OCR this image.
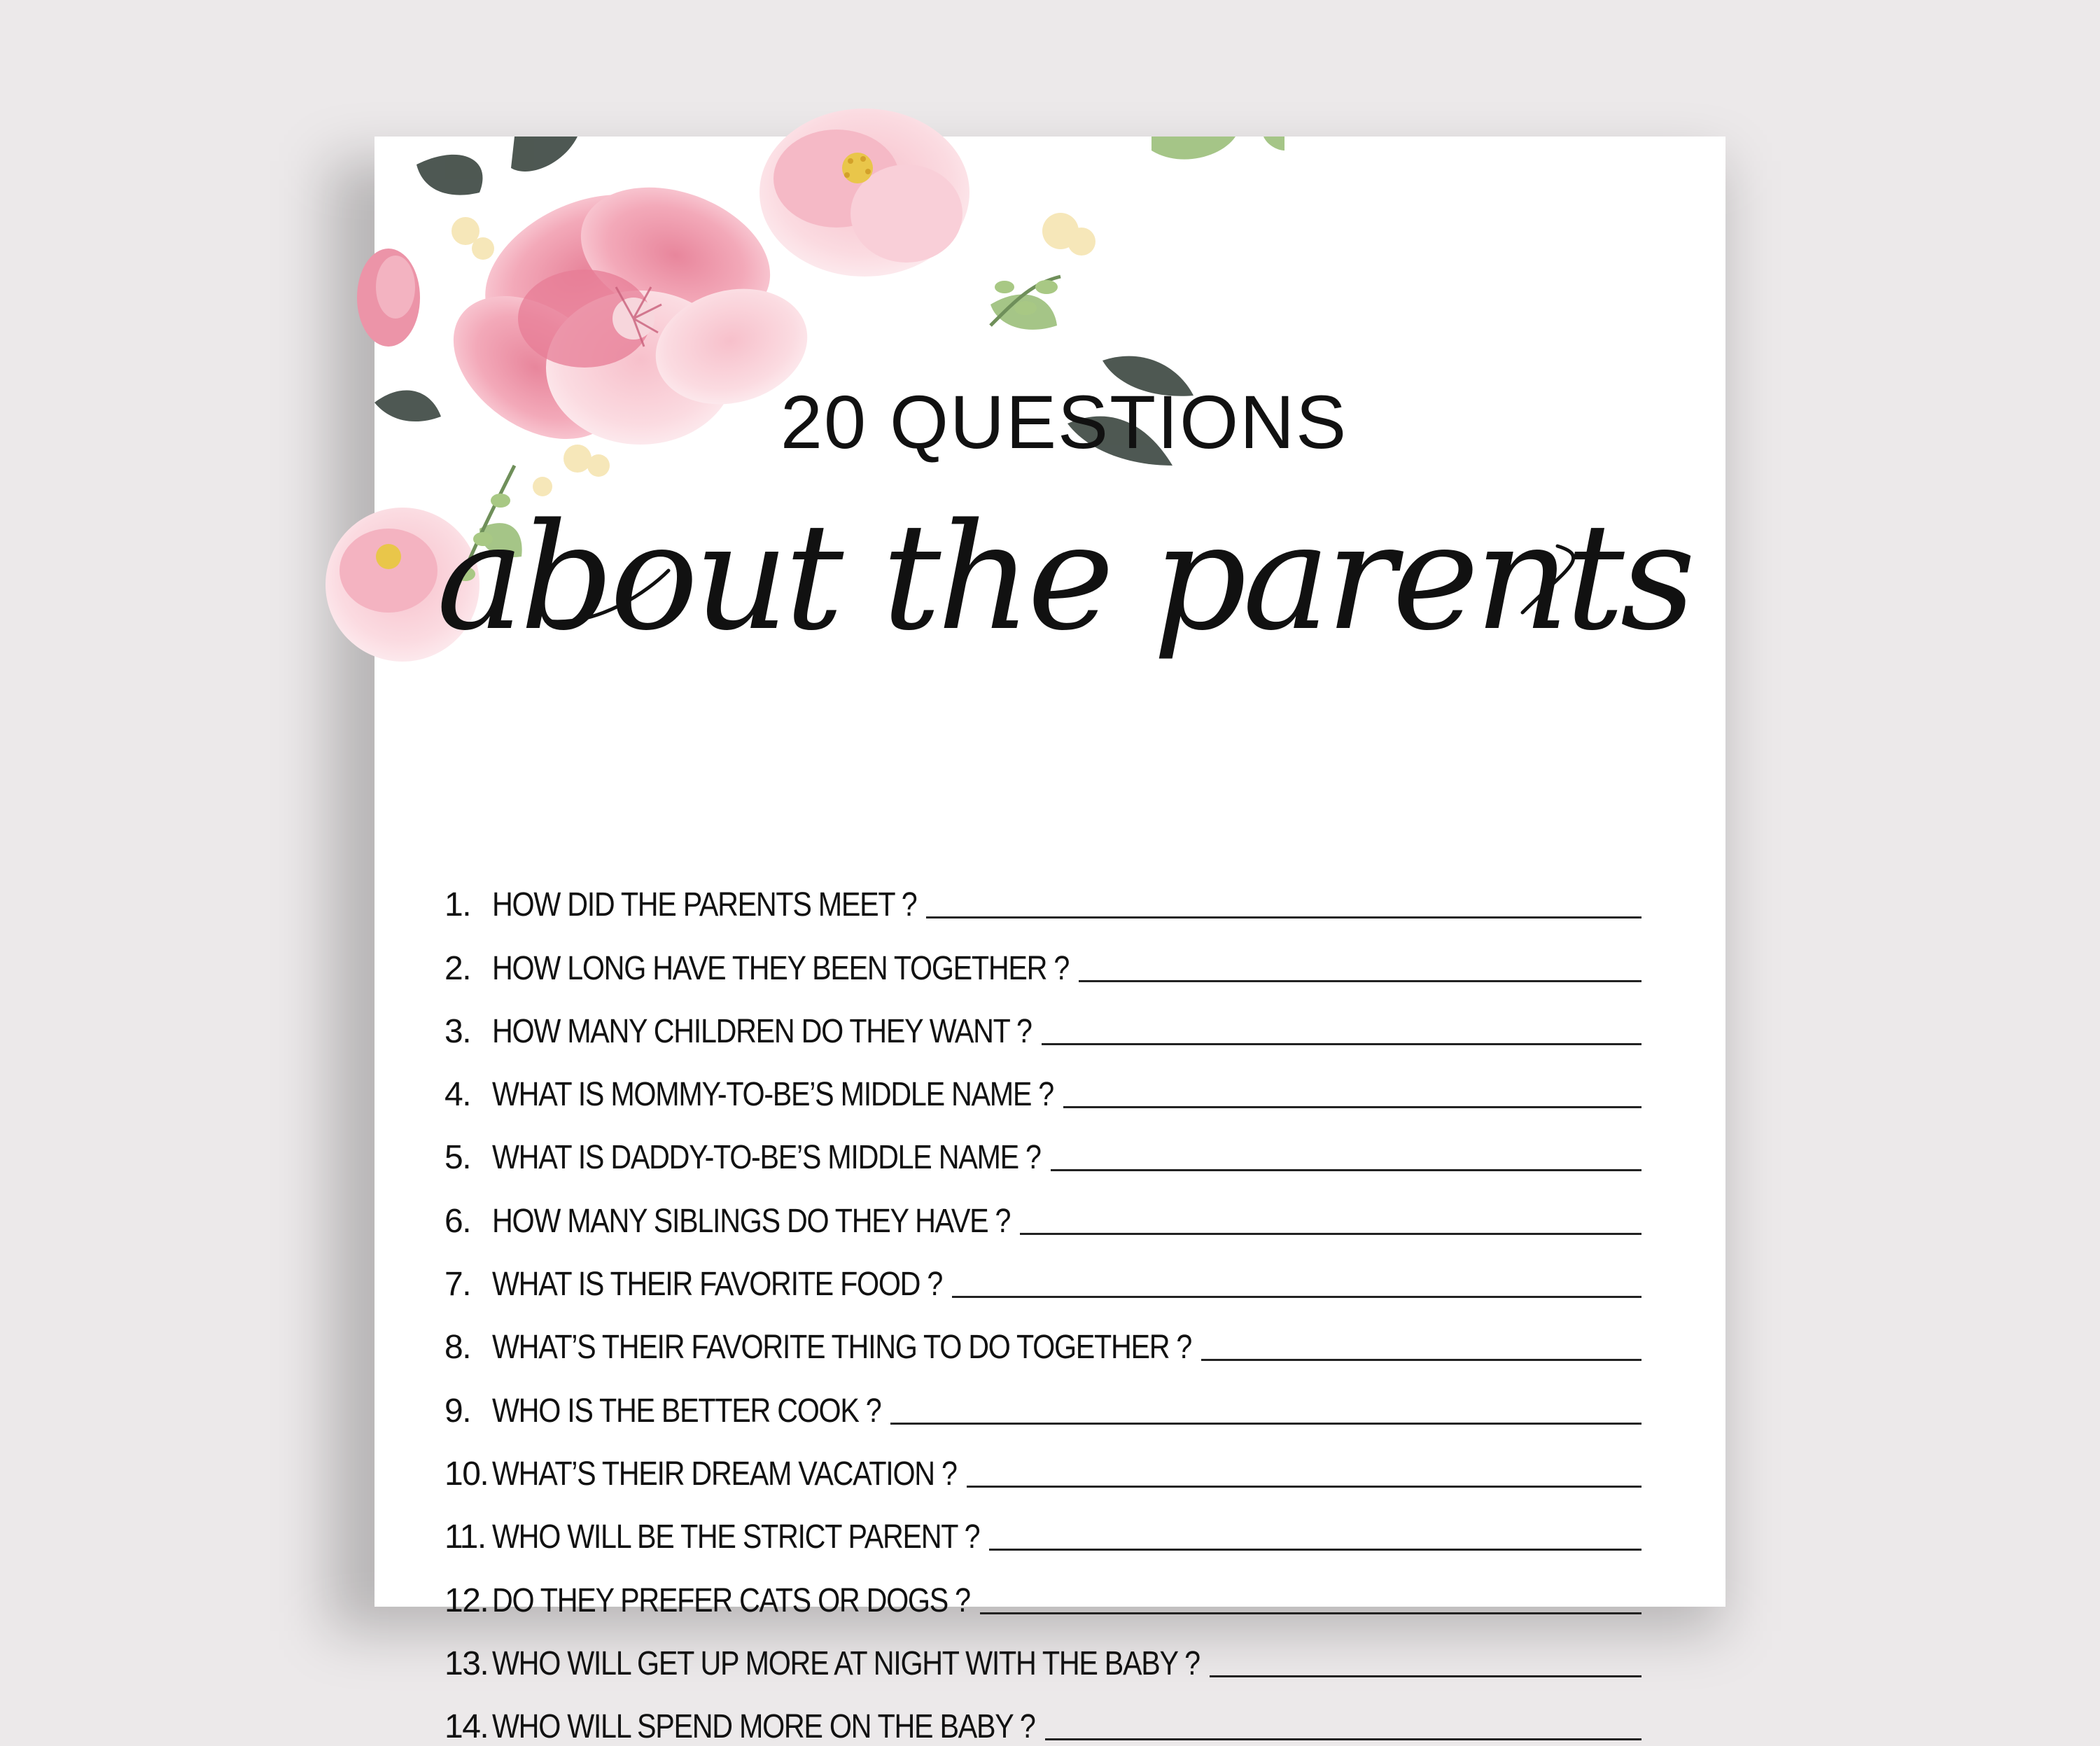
20 QUESTIONS
about the parents
1. HOW DID THE PARENTS MEET ?
2. HOW LONG HAVE THEY BEEN TOGETHER ?
3. HOW MANY CHILDREN DO THEY WANT ?
4. WHAT IS MOMMY-TO-BE’S MIDDLE NAME ?
5. WHAT IS DADDY-TO-BE’S MIDDLE NAME ?
6. HOW MANY SIBLINGS DO THEY HAVE ?
7. WHAT IS THEIR FAVORITE FOOD ?
8. WHAT’S THEIR FAVORITE THING TO DO TOGETHER ?
9. WHO IS THE BETTER COOK ?
10. WHAT’S THEIR DREAM VACATION ?
11. WHO WILL BE THE STRICT PARENT ?
12. DO THEY PREFER CATS OR DOGS ?
13. WHO WILL GET UP MORE AT NIGHT WITH THE BABY ?
14. WHO WILL SPEND MORE ON THE BABY ?
